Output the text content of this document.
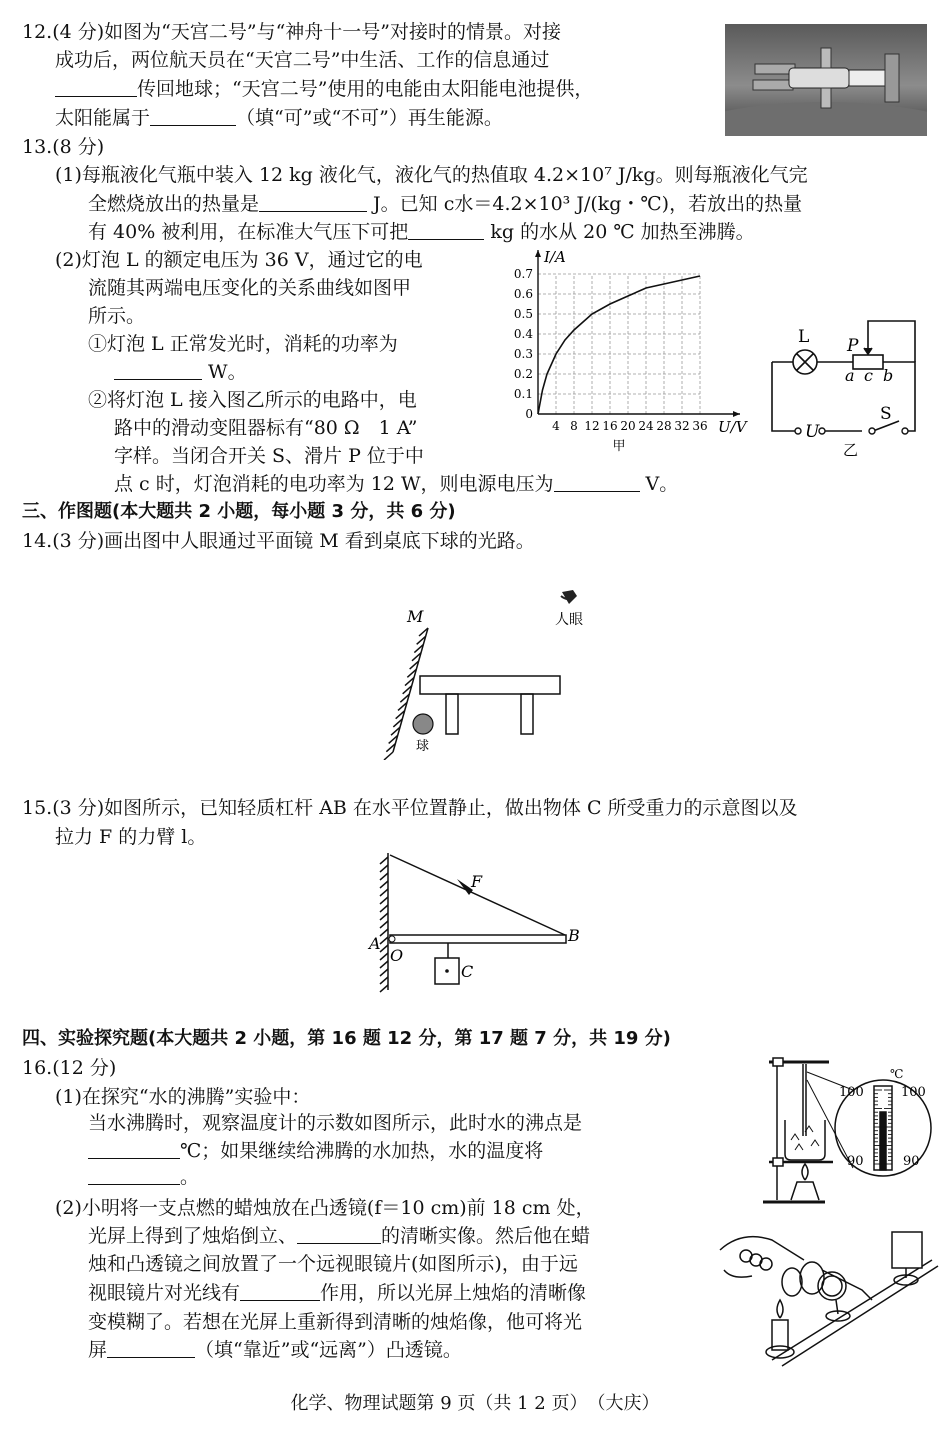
12.(4 分)如图为“天宫二号”与“神舟十一号”对接时的情景。对接
成功后，两位航天员在“天宫二号”中生活、工作的信息通过
传回地球；“天宫二号”使用的电能由太阳能电池提供，
太阳能属于	（填“可”或“不可”）再生能源。
13.(8 分)
(1)每瓶液化气瓶中装入 12 kg 液化气，液化气的热值取 4.2×10⁷ J/kg。则每瓶液化气完
全燃烧放出的热量是	J。已知 c水＝4.2×10³ J/(kg・℃)，若放出的热量
有 40% 被利用，在标准大气压下可把	kg 的水从 20 ℃ 加热至沸腾。
(2)灯泡 L 的额定电压为 36 V，通过它的电
流随其两端电压变化的关系曲线如图甲
所示。
①灯泡 L 正常发光时，消耗的功率为
W。
②将灯泡 L 接入图乙所示的电路中，电
路中的滑动变阻器标有“80 Ω　1 A”
字样。当闭合开关 S、滑片 P 位于中
点 c 时，灯泡消耗的电功率为 12 W，则电源电压为	V。
4 8 12 16 20 24 28 32 36
0.1
0.2
0.3
0.4
0.5
0.6
0.7
0
U/V
I/A
甲
L P
a c b
U
S
乙
三、作图题(本大题共 2 小题，每小题 3 分，共 6 分)
14.(3 分)画出图中人眼通过平面镜 M 看到桌底下球的光路。
M	人眼
球
15.(3 分)如图所示，已知轻质杠杆 AB 在水平位置静止，做出物体 C 所受重力的示意图以及
拉力 F 的力臂 l。
F
A
O
B
C
四、实验探究题(本大题共 2 小题，第 16 题 12 分，第 17 题 7 分，共 19 分)
16.(12 分)
(1)在探究“水的沸腾”实验中：
当水沸腾时，观察温度计的示数如图所示，此时水的沸点是
℃；如果继续给沸腾的水加热，水的温度将
。
(2)小明将一支点燃的蜡烛放在凸透镜(f＝10 cm)前 18 cm 处，
光屏上得到了烛焰倒立、	的清晰实像。然后他在蜡
烛和凸透镜之间放置了一个远视眼镜片(如图所示)，由于远
视眼镜片对光线有	作用，所以光屏上烛焰的清晰像
变模糊了。若想在光屏上重新得到清晰的烛焰像，他可将光
屏	（填“靠近”或“远离”）凸透镜。
℃
100	100
90	90
化学、物理试题第 9 页（共 1 2 页）　（大庆）
